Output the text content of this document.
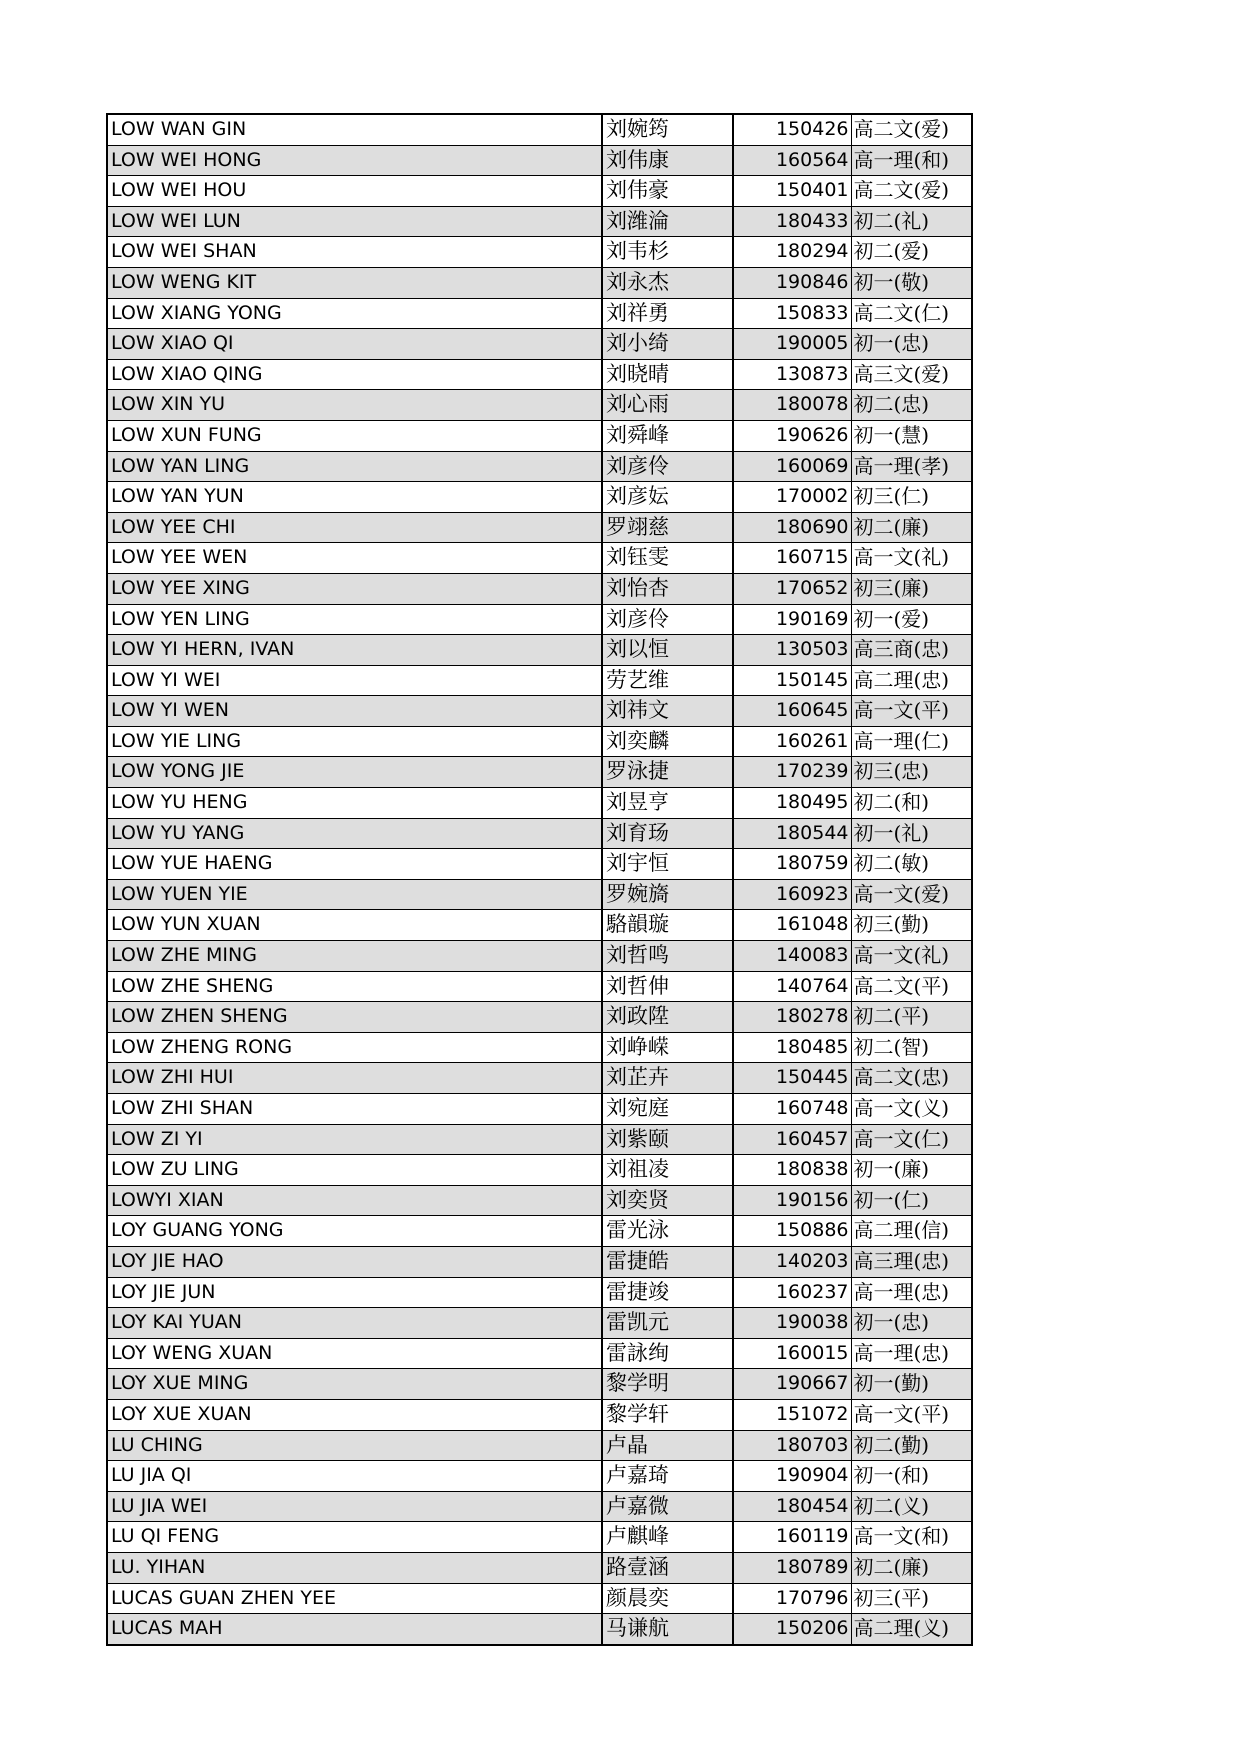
LOW WAN GIN	刘婉筠	150426	高二文(爱)
LOW WEI HONG	刘伟康	160564	高一理(和)
LOW WEI HOU	刘伟豪	150401	高二文(爱)
LOW WEI LUN	刘潍淪	180433	初二(礼)
LOW WEI SHAN	刘韦杉	180294	初二(爱)
LOW WENG KIT	刘永杰	190846	初一(敬)
LOW XIANG YONG	刘祥勇	150833	高二文(仁)
LOW XIAO QI	刘小绮	190005	初一(忠)
LOW XIAO QING	刘晓晴	130873	高三文(爱)
LOW XIN YU	刘心雨	180078	初二(忠)
LOW XUN FUNG	刘舜峰	190626	初一(慧)
LOW YAN LING	刘彦伶	160069	高一理(孝)
LOW YAN YUN	刘彦妘	170002	初三(仁)
LOW YEE CHI	罗翊慈	180690	初二(廉)
LOW YEE WEN	刘钰雯	160715	高一文(礼)
LOW YEE XING	刘怡杏	170652	初三(廉)
LOW YEN LING	刘彦伶	190169	初一(爱)
LOW YI HERN, IVAN	刘以恒	130503	高三商(忠)
LOW YI WEI	劳艺维	150145	高二理(忠)
LOW YI WEN	刘祎文	160645	高一文(平)
LOW YIE LING	刘奕麟	160261	高一理(仁)
LOW YONG JIE	罗泳捷	170239	初三(忠)
LOW YU HENG	刘昱亨	180495	初二(和)
LOW YU YANG	刘育玚	180544	初一(礼)
LOW YUE HAENG	刘宇恒	180759	初二(敏)
LOW YUEN YIE	罗婉旖	160923	高一文(爱)
LOW YUN XUAN	駱韻璇	161048	初三(勤)
LOW ZHE MING	刘哲鸣	140083	高一文(礼)
LOW ZHE SHENG	刘哲伸	140764	高二文(平)
LOW ZHEN SHENG	刘政陞	180278	初二(平)
LOW ZHENG RONG	刘峥嵘	180485	初二(智)
LOW ZHI HUI	刘芷卉	150445	高二文(忠)
LOW ZHI SHAN	刘宛庭	160748	高一文(义)
LOW ZI YI	刘紫颐	160457	高一文(仁)
LOW ZU LING	刘祖凌	180838	初一(廉)
LOWYI XIAN	刘奕贤	190156	初一(仁)
LOY GUANG YONG	雷光泳	150886	高二理(信)
LOY JIE HAO	雷捷皓	140203	高三理(忠)
LOY JIE JUN	雷捷竣	160237	高一理(忠)
LOY KAI YUAN	雷凯元	190038	初一(忠)
LOY WENG XUAN	雷詠绚	160015	高一理(忠)
LOY XUE MING	黎学明	190667	初一(勤)
LOY XUE XUAN	黎学轩	151072	高一文(平)
LU CHING	卢晶	180703	初二(勤)
LU JIA QI	卢嘉琦	190904	初一(和)
LU JIA WEI	卢嘉微	180454	初二(义)
LU QI FENG	卢麒峰	160119	高一文(和)
LU. YIHAN	路壹涵	180789	初二(廉)
LUCAS GUAN ZHEN YEE	颜晨奕	170796	初三(平)
LUCAS MAH	马谦航	150206	高二理(义)
